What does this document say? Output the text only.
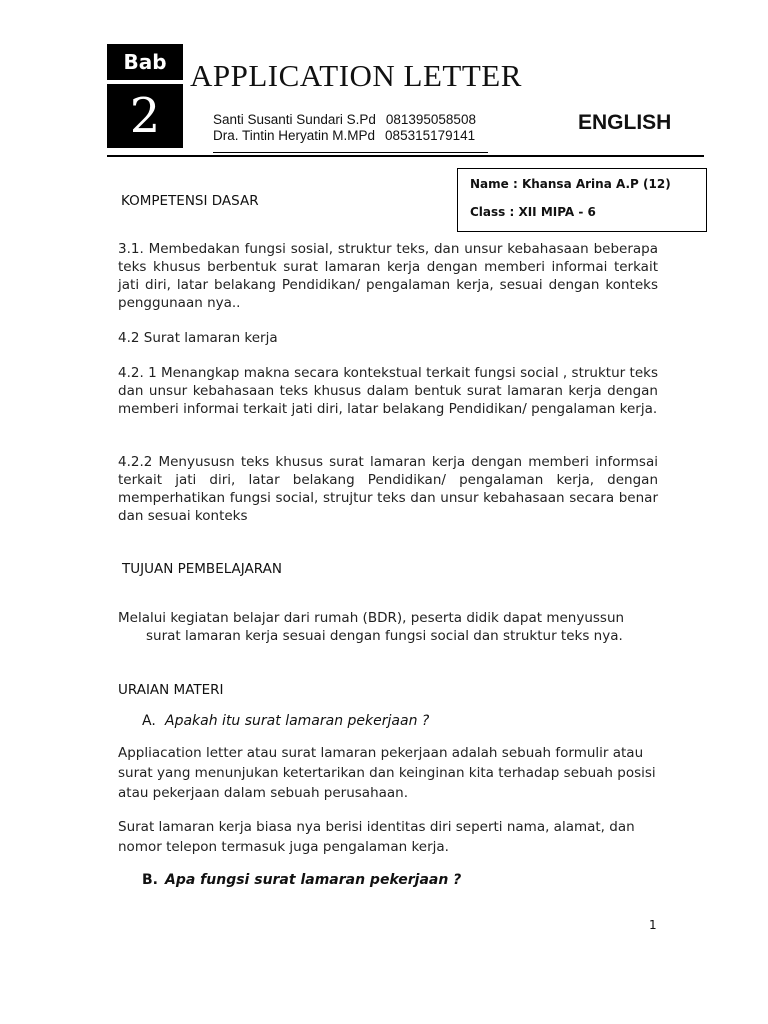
Bab
2
APPLICATION LETTER
Santi Susanti Sundari S.Pd 081395058508
Dra. Tintin Heryatin M.MPd 085315179141
ENGLISH
Name : Khansa Arina A.P (12)
Class : XII MIPA - 6
KOMPETENSI DASAR
3.1. Membedakan fungsi sosial, struktur teks, dan unsur kebahasaan beberapa teks khusus berbentuk surat lamaran kerja dengan memberi informai terkait jati diri, latar belakang Pendidikan/ pengalaman kerja, sesuai dengan konteks penggunaan nya..
4.2 Surat lamaran kerja
4.2. 1 Menangkap makna secara kontekstual terkait fungsi social , struktur teks dan unsur kebahasaan teks khusus dalam bentuk surat lamaran kerja dengan memberi informai terkait jati diri, latar belakang Pendidikan/ pengalaman kerja.
4.2.2 Menyususn teks khusus surat lamaran kerja dengan memberi informsai terkait jati diri, latar belakang Pendidikan/ pengalaman kerja, dengan memperhatikan fungsi social, strujtur teks dan unsur kebahasaan secara benar dan sesuai konteks
TUJUAN PEMBELAJARAN
Melalui kegiatan belajar dari rumah (BDR), peserta didik dapat menyussun
surat lamaran kerja sesuai dengan fungsi social dan struktur teks nya.
URAIAN MATERI
A. Apakah itu surat lamaran pekerjaan ?
Appliacation letter atau surat lamaran pekerjaan adalah sebuah formulir atau surat yang menunjukan ketertarikan dan keinginan kita terhadap sebuah posisi atau pekerjaan dalam sebuah perusahaan.
Surat lamaran kerja biasa nya berisi identitas diri seperti nama, alamat, dan nomor telepon termasuk juga pengalaman kerja.
B. Apa fungsi surat lamaran pekerjaan ?
1
